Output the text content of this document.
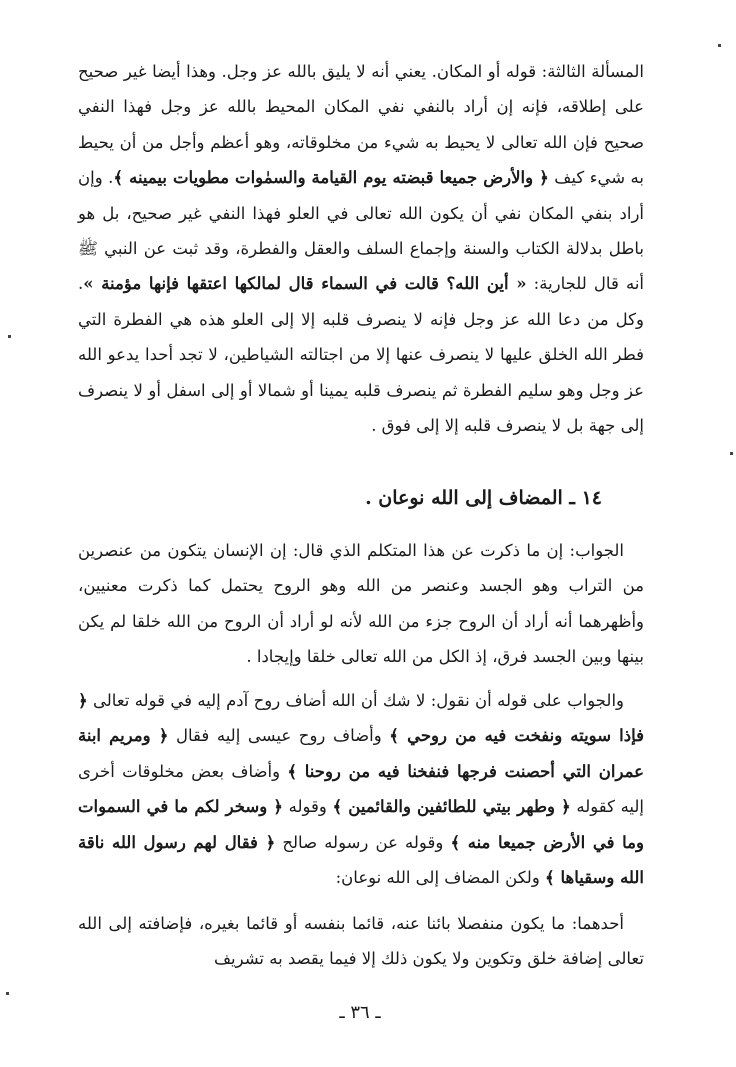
المسألة الثالثة: قوله أو المكان. يعني أنه لا يليق بالله عز وجل. وهذا أيضا غير صحيح على إطلاقه، فإنه إن أراد بالنفي نفي المكان المحيط بالله عز وجل فهذا النفي صحيح فإن الله تعالى لا يحيط به شيء من مخلوقاته، وهو أعظم وأجل من أن يحيط به شيء كيف ﴿ والأرض جميعا قبضته يوم القيامة والسمٰوات مطويات بيمينه ﴾. وإن أراد بنفي المكان نفي أن يكون الله تعالى في العلو فهذا النفي غير صحيح، بل هو باطل بدلالة الكتاب والسنة وإجماع السلف والعقل والفطرة، وقد ثبت عن النبي ﷺ أنه قال للجارية: « أين الله؟ قالت في السماء قال لمالكها اعتقها فإنها مؤمنة ». وكل من دعا الله عز وجل فإنه لا ينصرف قلبه إلا إلى العلو هذه هي الفطرة التي فطر الله الخلق عليها لا ينصرف عنها إلا من اجتالته الشياطين، لا تجد أحدا يدعو الله عز وجل وهو سليم الفطرة ثم ينصرف قلبه يمينا أو شمالا أو إلى اسفل أو لا ينصرف إلى جهة بل لا ينصرف قلبه إلا إلى فوق .
١٤ ـ المضاف إلى الله نوعان .
الجواب: إن ما ذكرت عن هذا المتكلم الذي قال: إن الإنسان يتكون من عنصرين من التراب وهو الجسد وعنصر من الله وهو الروح يحتمل كما ذكرت معنيين، وأظهرهما أنه أراد أن الروح جزء من الله لأنه لو أراد أن الروح من الله خلقا لم يكن بينها وبين الجسد فرق، إذ الكل من الله تعالى خلقا وإيجادا .
والجواب على قوله أن نقول: لا شك أن الله أضاف روح آدم إليه في قوله تعالى ﴿ فإذا سويته ونفخت فيه من روحي ﴾ وأضاف روح عيسى إليه فقال ﴿ ومريم ابنة عمران التي أحصنت فرجها فنفخنا فيه من روحنا ﴾ وأضاف بعض مخلوقات أخرى إليه كقوله ﴿ وطهر بيتي للطائفين والقائمين ﴾ وقوله ﴿ وسخر لكم ما في السموات وما في الأرض جميعا منه ﴾ وقوله عن رسوله صالح ﴿ فقال لهم رسول الله ناقة الله وسقياها ﴾ ولكن المضاف إلى الله نوعان:
أحدهما: ما يكون منفصلا بائنا عنه، قائما بنفسه أو قائما بغيره، فإضافته إلى الله تعالى إضافة خلق وتكوين ولا يكون ذلك إلا فيما يقصد به تشريف
ـ ٣٦ ـ
